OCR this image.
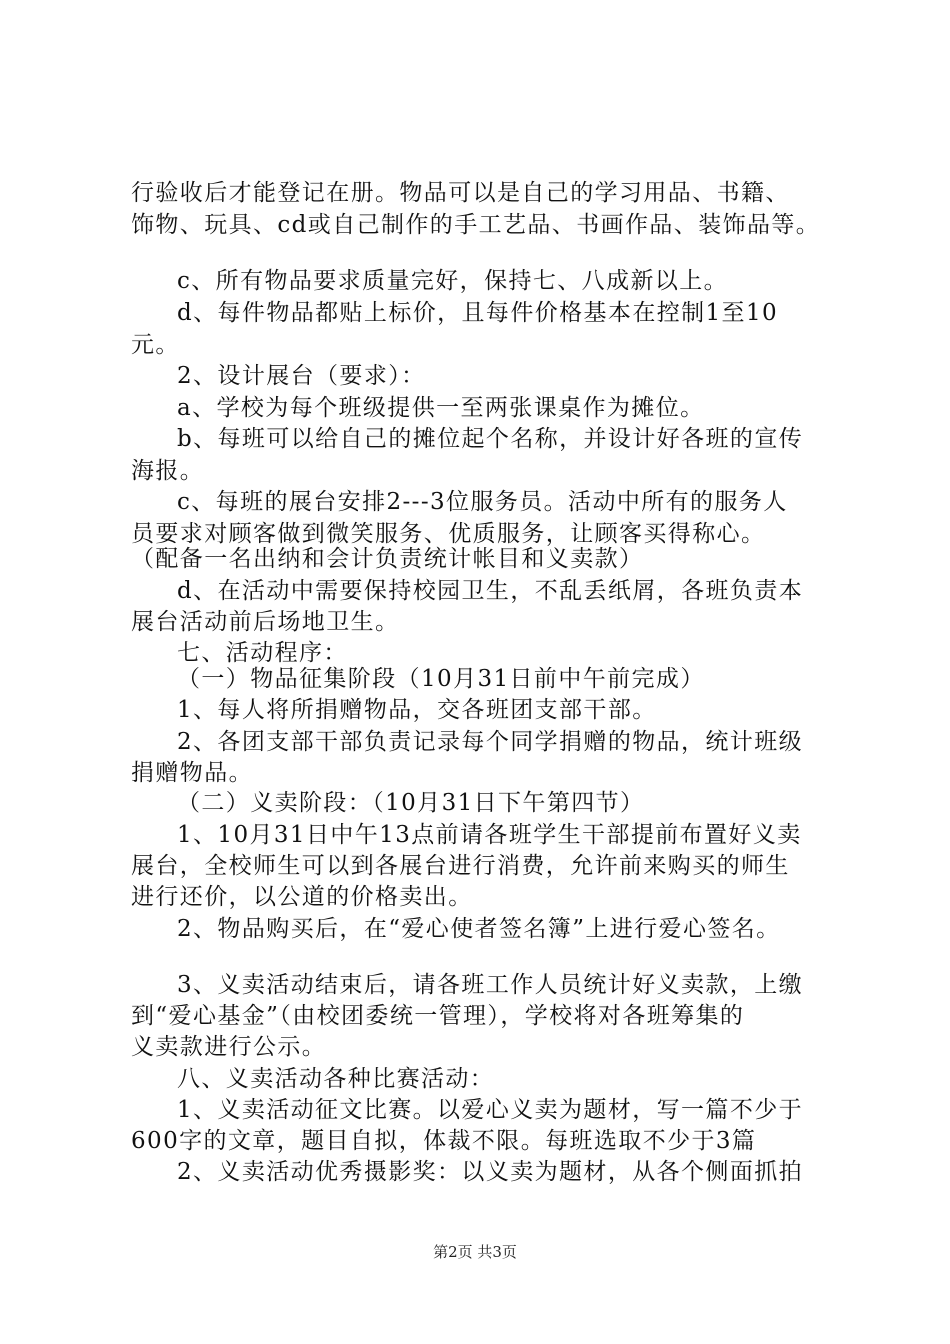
行验收后才能登记在册。物品可以是自己的学习用品、书籍、
饰物、玩具、cd或自己制作的手工艺品、书画作品、装饰品等。
c、所有物品要求质量完好，保持七、八成新以上。
d、每件物品都贴上标价，且每件价格基本在控制1至10
元。
2、设计展台（要求）：
a、学校为每个班级提供一至两张课桌作为摊位。
b、每班可以给自己的摊位起个名称，并设计好各班的宣传
海报。
c、每班的展台安排2---3位服务员。活动中所有的服务人
员要求对顾客做到微笑服务、优质服务，让顾客买得称心。
（配备一名出纳和会计负责统计帐目和义卖款）
d、在活动中需要保持校园卫生，不乱丢纸屑，各班负责本
展台活动前后场地卫生。
七、活动程序：
（一）物品征集阶段（10月31日前中午前完成）
1、每人将所捐赠物品，交各班团支部干部。
2、各团支部干部负责记录每个同学捐赠的物品，统计班级
捐赠物品。
（二）义卖阶段：（10月31日下午第四节）
1、10月31日中午13点前请各班学生干部提前布置好义卖
展台，全校师生可以到各展台进行消费，允许前来购买的师生
进行还价，以公道的价格卖出。
2、物品购买后，在“爱心使者签名簿”上进行爱心签名。
3、义卖活动结束后，请各班工作人员统计好义卖款，上缴
到“爱心基金”（由校团委统一管理），学校将对各班筹集的
义卖款进行公示。
八、义卖活动各种比赛活动：
1、义卖活动征文比赛。以爱心义卖为题材，写一篇不少于
600字的文章，题目自拟，体裁不限。每班选取不少于3篇
2、义卖活动优秀摄影奖：以义卖为题材，从各个侧面抓拍
第2页 共3页
